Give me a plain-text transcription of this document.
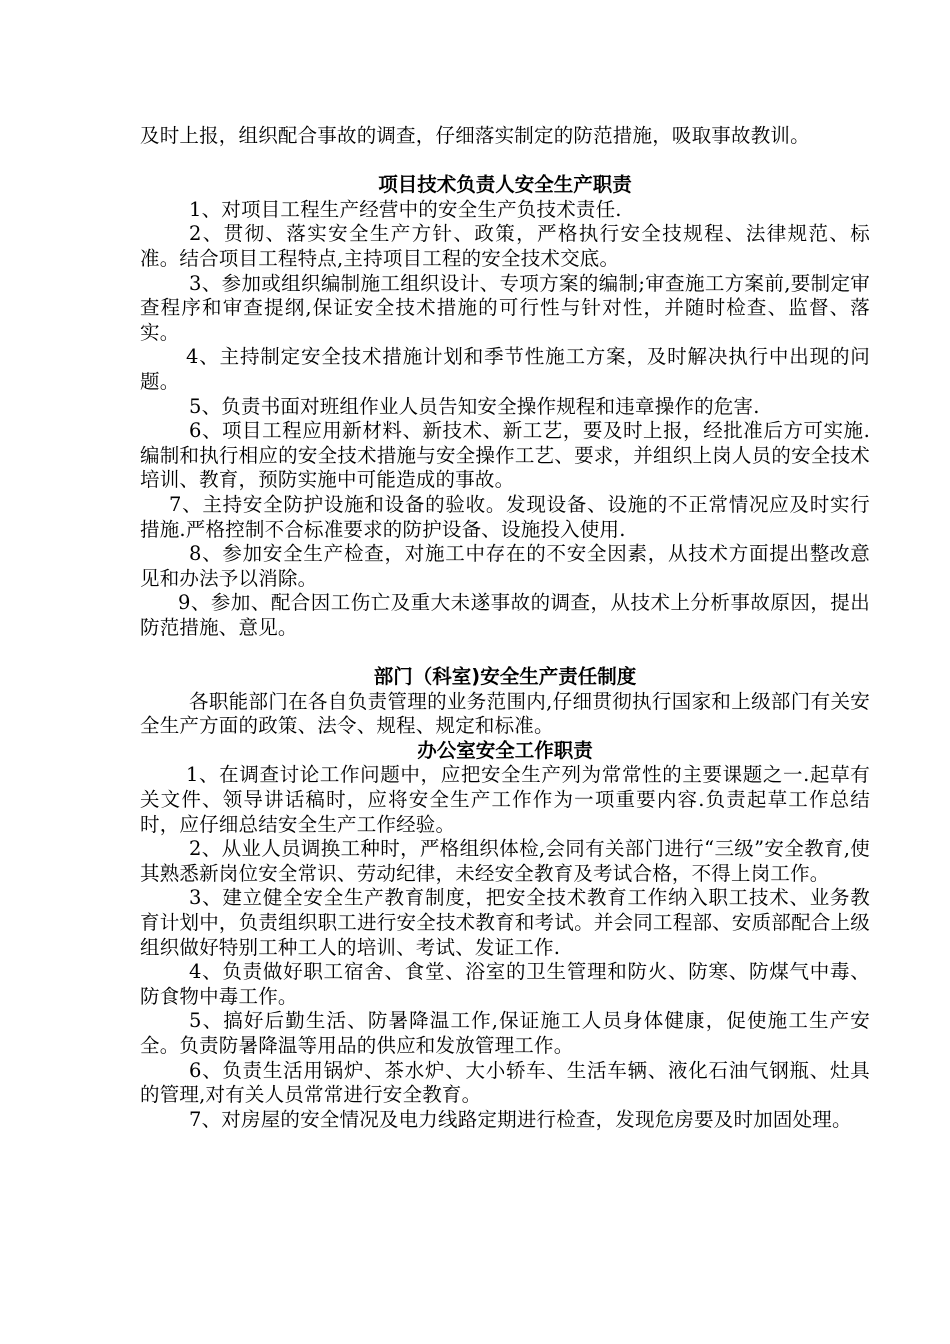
及时上报，组织配合事故的调查，仔细落实制定的防范措施，吸取事故教训。

项目技术负责人安全生产职责

1、对项目工程生产经营中的安全生产负技术责任.

2、贯彻、落实安全生产方针、政策，严格执行安全技规程、法律规范、标准。结合项目工程特点,主持项目工程的安全技术交底。

3、参加或组织编制施工组织设计、专项方案的编制;审查施工方案前,要制定审查程序和审查提纲,保证安全技术措施的可行性与针对性，并随时检查、监督、落实。

4、主持制定安全技术措施计划和季节性施工方案，及时解决执行中出现的问题。

5、负责书面对班组作业人员告知安全操作规程和违章操作的危害.

6、项目工程应用新材料、新技术、新工艺，要及时上报，经批准后方可实施.编制和执行相应的安全技术措施与安全操作工艺、要求，并组织上岗人员的安全技术培训、教育，预防实施中可能造成的事故。

7、主持安全防护设施和设备的验收。发现设备、设施的不正常情况应及时实行措施.严格控制不合标准要求的防护设备、设施投入使用.

8、参加安全生产检查，对施工中存在的不安全因素，从技术方面提出整改意见和办法予以消除。

9、参加、配合因工伤亡及重大未遂事故的调查，从技术上分析事故原因，提出防范措施、意见。

部门（科室)安全生产责任制度

各职能部门在各自负责管理的业务范围内,仔细贯彻执行国家和上级部门有关安全生产方面的政策、法令、规程、规定和标准。

办公室安全工作职责

1、在调查讨论工作问题中，应把安全生产列为常常性的主要课题之一.起草有关文件、领导讲话稿时，应将安全生产工作作为一项重要内容.负责起草工作总结时，应仔细总结安全生产工作经验。

2、从业人员调换工种时，严格组织体检,会同有关部门进行“三级”安全教育,使其熟悉新岗位安全常识、劳动纪律，未经安全教育及考试合格，不得上岗工作。

3、建立健全安全生产教育制度，把安全技术教育工作纳入职工技术、业务教育计划中，负责组织职工进行安全技术教育和考试。并会同工程部、安质部配合上级组织做好特别工种工人的培训、考试、发证工作.

4、负责做好职工宿舍、食堂、浴室的卫生管理和防火、防寒、防煤气中毒、防食物中毒工作。

5、搞好后勤生活、防暑降温工作,保证施工人员身体健康，促使施工生产安全。负责防暑降温等用品的供应和发放管理工作。

6、负责生活用锅炉、茶水炉、大小轿车、生活车辆、液化石油气钢瓶、灶具的管理,对有关人员常常进行安全教育。

7、对房屋的安全情况及电力线路定期进行检查，发现危房要及时加固处理。
